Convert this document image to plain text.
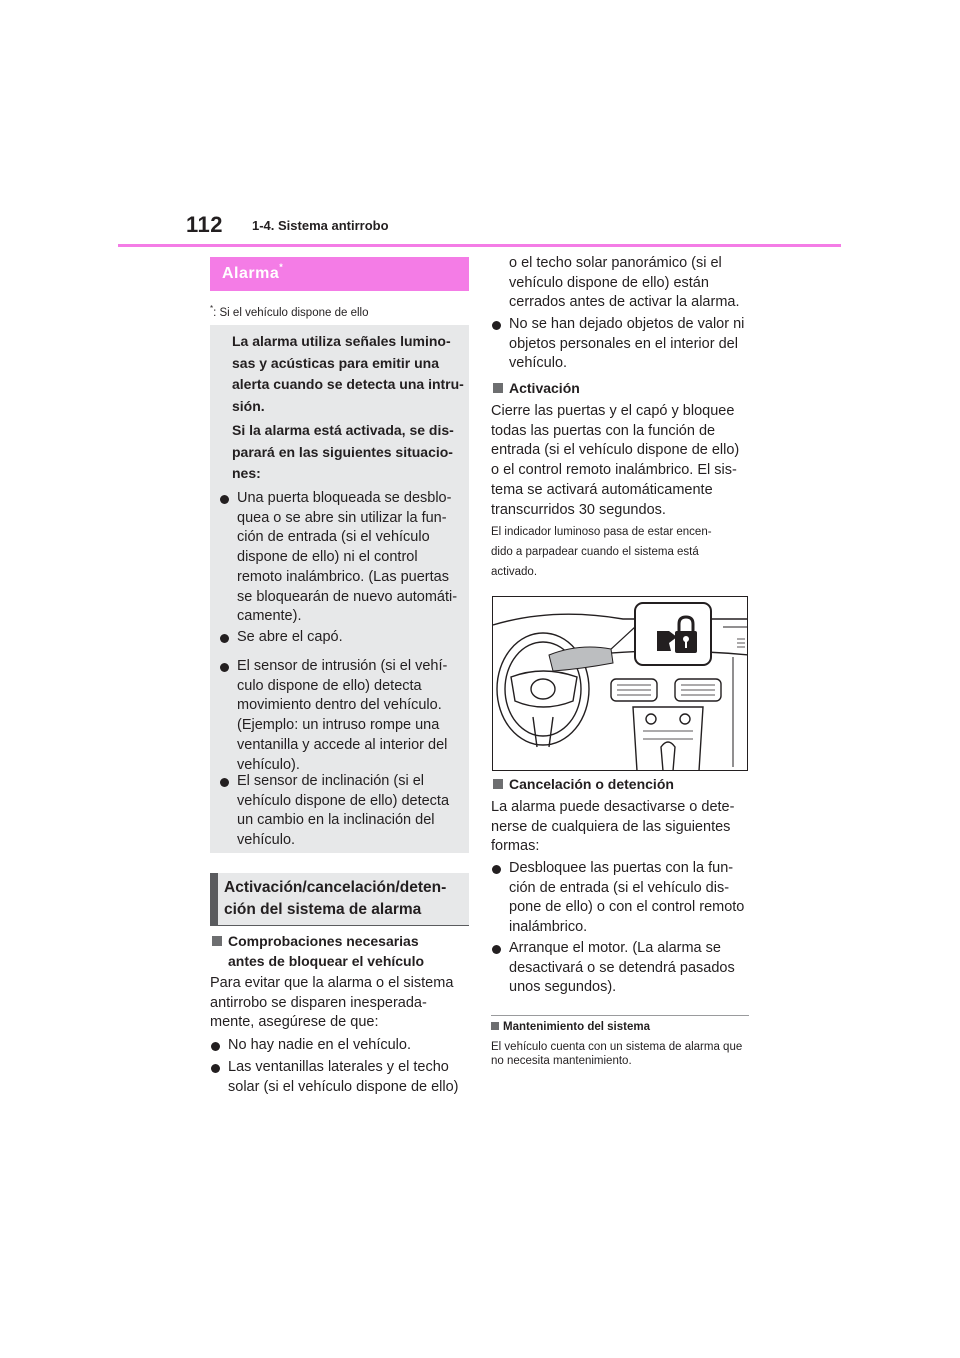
112 1-4. Sistema antirrobo
Alarma*
*: Si el vehículo dispone de ello
La alarma utiliza señales lumino-
sas y acústicas para emitir una
alerta cuando se detecta una intru-
sión.
Si la alarma está activada, se dis-
parará en las siguientes situacio-
nes:
Una puerta bloqueada se desblo-
quea o se abre sin utilizar la fun-
ción de entrada (si el vehículo
dispone de ello) ni el control
remoto inalámbrico. (Las puertas
se bloquearán de nuevo automáti-
camente).
Se abre el capó.
El sensor de intrusión (si el vehí-
culo dispone de ello) detecta
movimiento dentro del vehículo.
(Ejemplo: un intruso rompe una
ventanilla y accede al interior del
vehículo).
El sensor de inclinación (si el
vehículo dispone de ello) detecta
un cambio en la inclinación del
vehículo.
Activación/cancelación/deten-
ción del sistema de alarma
Comprobaciones necesarias
antes de bloquear el vehículo
Para evitar que la alarma o el sistema
antirrobo se disparen inesperada-
mente, asegúrese de que:
No hay nadie en el vehículo.
Las ventanillas laterales y el techo
solar (si el vehículo dispone de ello)
o el techo solar panorámico (si el
vehículo dispone de ello) están
cerrados antes de activar la alarma.
No se han dejado objetos de valor ni
objetos personales en el interior del
vehículo.
Activación
Cierre las puertas y el capó y bloquee
todas las puertas con la función de
entrada (si el vehículo dispone de ello)
o el control remoto inalámbrico. El sis-
tema se activará automáticamente
transcurridos 30 segundos.
El indicador luminoso pasa de estar encen-
dido a parpadear cuando el sistema está
activado.
Cancelación o detención
La alarma puede desactivarse o dete-
nerse de cualquiera de las siguientes
formas:
Desbloquee las puertas con la fun-
ción de entrada (si el vehículo dis-
pone de ello) o con el control remoto
inalámbrico.
Arranque el motor. (La alarma se
desactivará o se detendrá pasados
unos segundos).
Mantenimiento del sistema
El vehículo cuenta con un sistema de alarma que no necesita mantenimiento.
